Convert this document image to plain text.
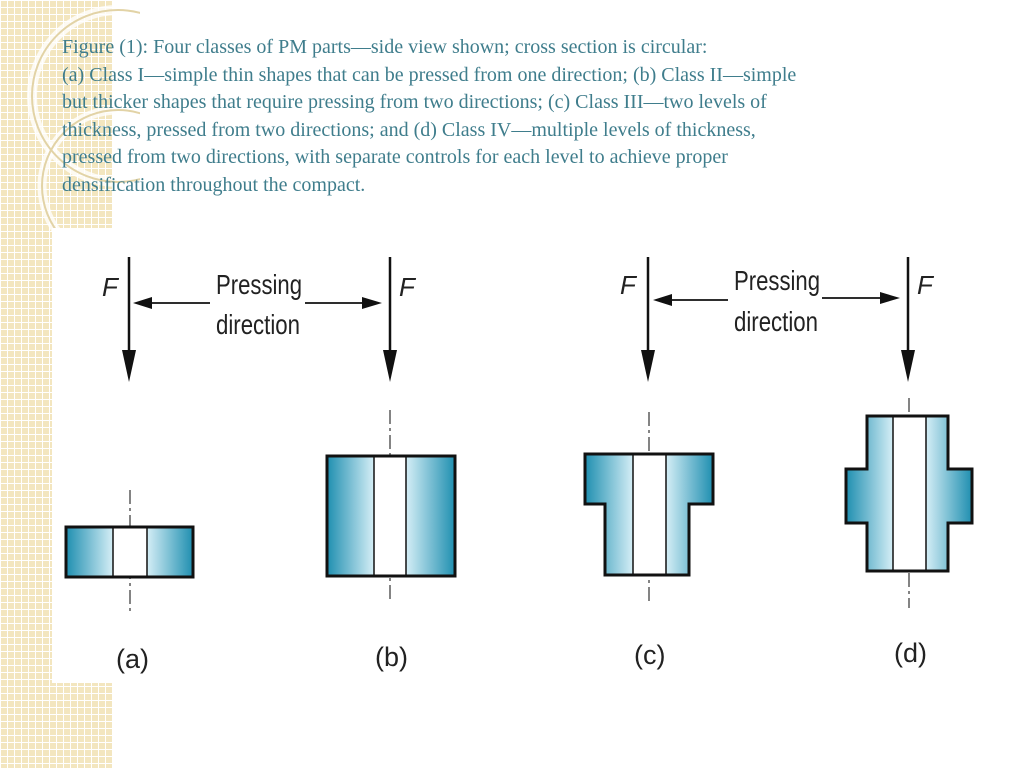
Figure (1): Four classes of PM parts—side view shown; cross section is circular:
(a) Class I—simple thin shapes that can be pressed from one direction; (b) Class II—simple
but thicker shapes that require pressing from two directions; (c) Class III—two levels of
thickness, pressed from two directions; and (d) Class IV—multiple levels of thickness,
pressed from two directions, with separate controls for each level to achieve proper
densification throughout the compact.

F	F
Pressing
direction
F	F
Pressing
direction
(a)	(b)	(c)	(d)
